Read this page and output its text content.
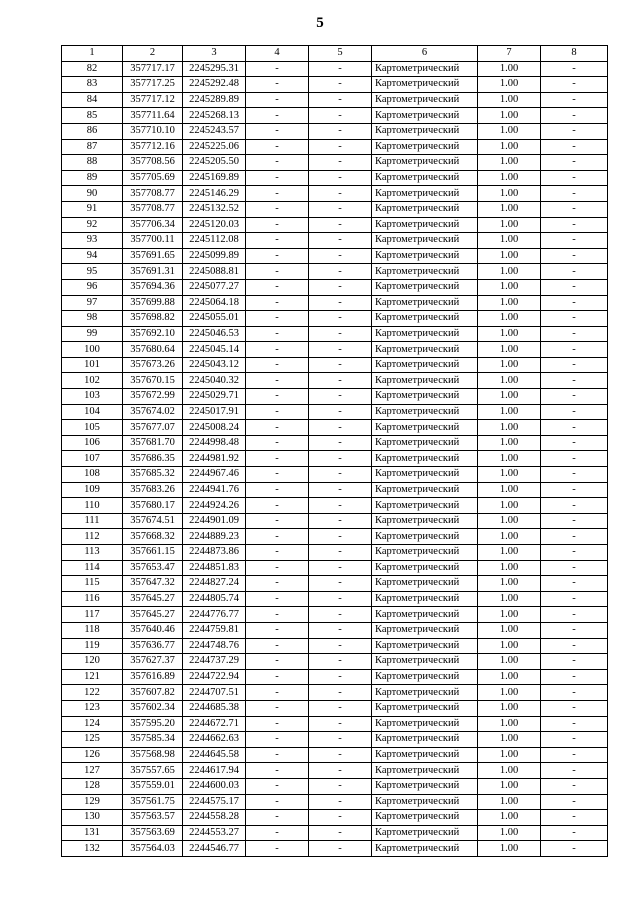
5
1	2	3	4	5	6	7	8
82	357717.17	2245295.31	-	-	Картометрический	1.00	-
83	357717.25	2245292.48	-	-	Картометрический	1.00	-
84	357717.12	2245289.89	-	-	Картометрический	1.00	-
85	357711.64	2245268.13	-	-	Картометрический	1.00	-
86	357710.10	2245243.57	-	-	Картометрический	1.00	-
87	357712.16	2245225.06	-	-	Картометрический	1.00	-
88	357708.56	2245205.50	-	-	Картометрический	1.00	-
89	357705.69	2245169.89	-	-	Картометрический	1.00	-
90	357708.77	2245146.29	-	-	Картометрический	1.00	-
91	357708.77	2245132.52	-	-	Картометрический	1.00	-
92	357706.34	2245120.03	-	-	Картометрический	1.00	-
93	357700.11	2245112.08	-	-	Картометрический	1.00	-
94	357691.65	2245099.89	-	-	Картометрический	1.00	-
95	357691.31	2245088.81	-	-	Картометрический	1.00	-
96	357694.36	2245077.27	-	-	Картометрический	1.00	-
97	357699.88	2245064.18	-	-	Картометрический	1.00	-
98	357698.82	2245055.01	-	-	Картометрический	1.00	-
99	357692.10	2245046.53	-	-	Картометрический	1.00	-
100	357680.64	2245045.14	-	-	Картометрический	1.00	-
101	357673.26	2245043.12	-	-	Картометрический	1.00	-
102	357670.15	2245040.32	-	-	Картометрический	1.00	-
103	357672.99	2245029.71	-	-	Картометрический	1.00	-
104	357674.02	2245017.91	-	-	Картометрический	1.00	-
105	357677.07	2245008.24	-	-	Картометрический	1.00	-
106	357681.70	2244998.48	-	-	Картометрический	1.00	-
107	357686.35	2244981.92	-	-	Картометрический	1.00	-
108	357685.32	2244967.46	-	-	Картометрический	1.00	-
109	357683.26	2244941.76	-	-	Картометрический	1.00	-
110	357680.17	2244924.26	-	-	Картометрический	1.00	-
111	357674.51	2244901.09	-	-	Картометрический	1.00	-
112	357668.32	2244889.23	-	-	Картометрический	1.00	-
113	357661.15	2244873.86	-	-	Картометрический	1.00	-
114	357653.47	2244851.83	-	-	Картометрический	1.00	-
115	357647.32	2244827.24	-	-	Картометрический	1.00	-
116	357645.27	2244805.74	-	-	Картометрический	1.00	-
117	357645.27	2244776.77	-	-	Картометрический	1.00	-
118	357640.46	2244759.81	-	-	Картометрический	1.00	-
119	357636.77	2244748.76	-	-	Картометрический	1.00	-
120	357627.37	2244737.29	-	-	Картометрический	1.00	-
121	357616.89	2244722.94	-	-	Картометрический	1.00	-
122	357607.82	2244707.51	-	-	Картометрический	1.00	-
123	357602.34	2244685.38	-	-	Картометрический	1.00	-
124	357595.20	2244672.71	-	-	Картометрический	1.00	-
125	357585.34	2244662.63	-	-	Картометрический	1.00	-
126	357568.98	2244645.58	-	-	Картометрический	1.00	-
127	357557.65	2244617.94	-	-	Картометрический	1.00	-
128	357559.01	2244600.03	-	-	Картометрический	1.00	-
129	357561.75	2244575.17	-	-	Картометрический	1.00	-
130	357563.57	2244558.28	-	-	Картометрический	1.00	-
131	357563.69	2244553.27	-	-	Картометрический	1.00	-
132	357564.03	2244546.77	-	-	Картометрический	1.00	-
